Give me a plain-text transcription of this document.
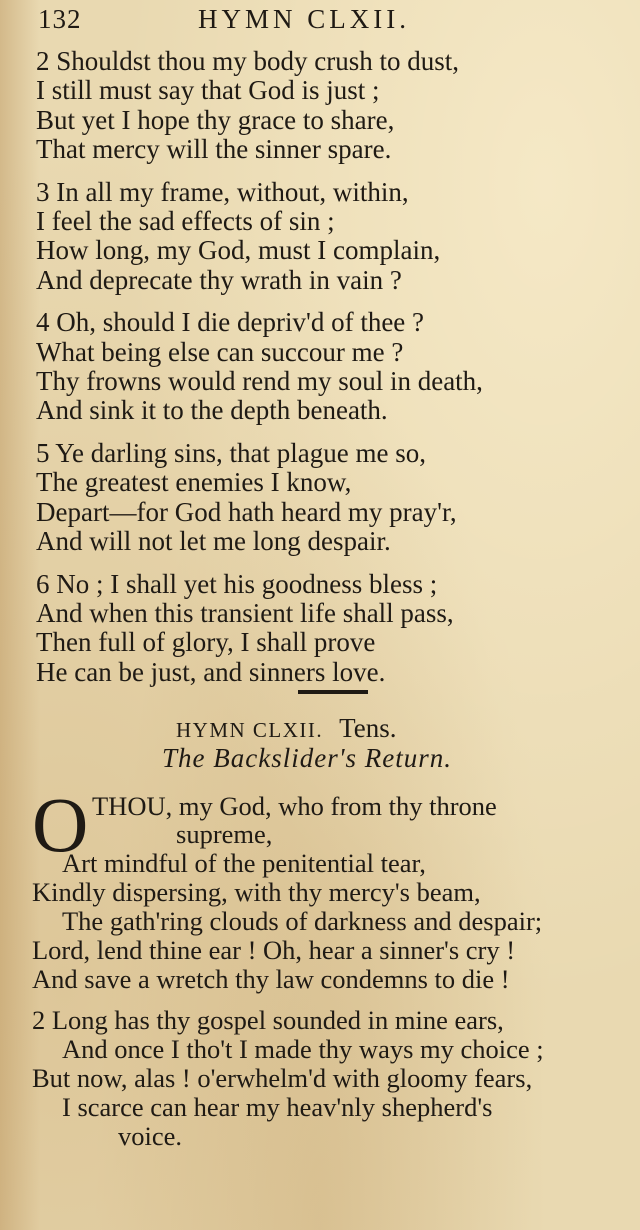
132	HYMN CLXII.
2 Shouldst thou my body crush to dust,
I still must say that God is just ;
But yet I hope thy grace to share,
That mercy will the sinner spare.
3 In all my frame, without, within,
I feel the sad effects of sin ;
How long, my God, must I complain,
And deprecate thy wrath in vain ?
4 Oh, should I die depriv'd of thee ?
What being else can succour me ?
Thy frowns would rend my soul in death,
And sink it to the depth beneath.
5 Ye darling sins, that plague me so,
The greatest enemies I know,
Depart—for God hath heard my pray'r,
And will not let me long despair.
6 No ; I shall yet his goodness bless ;
And when this transient life shall pass,
Then full of glory, I shall prove
He can be just, and sinners love.
HYMN CLXII. Tens.
The Backslider's Return.
O THOU, my God, who from thy throne
supreme,
Art mindful of the penitential tear,
Kindly dispersing, with thy mercy's beam,
The gath'ring clouds of darkness and despair;
Lord, lend thine ear ! Oh, hear a sinner's cry !
And save a wretch thy law condemns to die !
2 Long has thy gospel sounded in mine ears,
And once I tho't I made thy ways my choice ;
But now, alas ! o'erwhelm'd with gloomy fears,
I scarce can hear my heav'nly shepherd's
voice.
